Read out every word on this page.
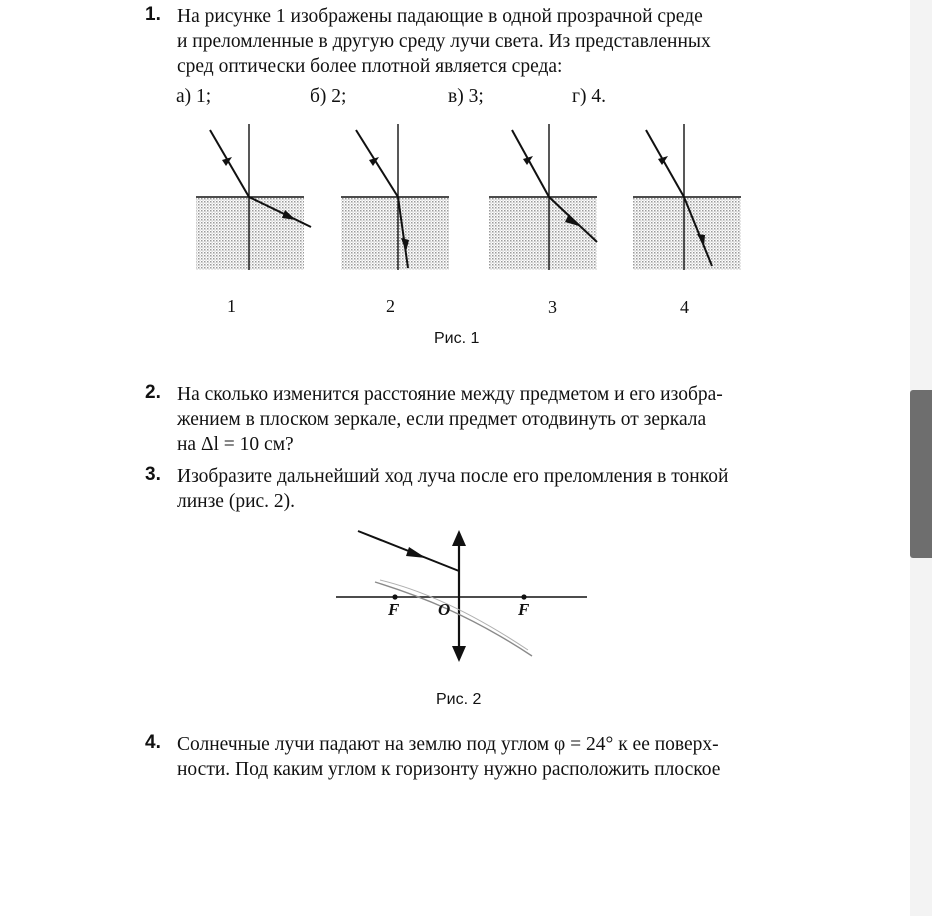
1. На рисунке 1 изображены падающие в одной прозрачной среде
и преломленные в другую среду лучи света. Из представленных
сред оптически более плотной является среда:
а) 1;	б) 2;	в) 3;	г) 4.
1	2	3	4
Рис. 1
2. На сколько изменится расстояние между предметом и его изобра-
жением в плоском зеркале, если предмет отодвинуть от зеркала
на Δl = 10 см?
3. Изобразите дальнейший ход луча после его преломления в тонкой
линзе (рис. 2).
F O	F
Рис. 2
4. Солнечные лучи падают на землю под углом φ = 24° к ее поверх-
ности. Под каким углом к горизонту нужно расположить плоское
